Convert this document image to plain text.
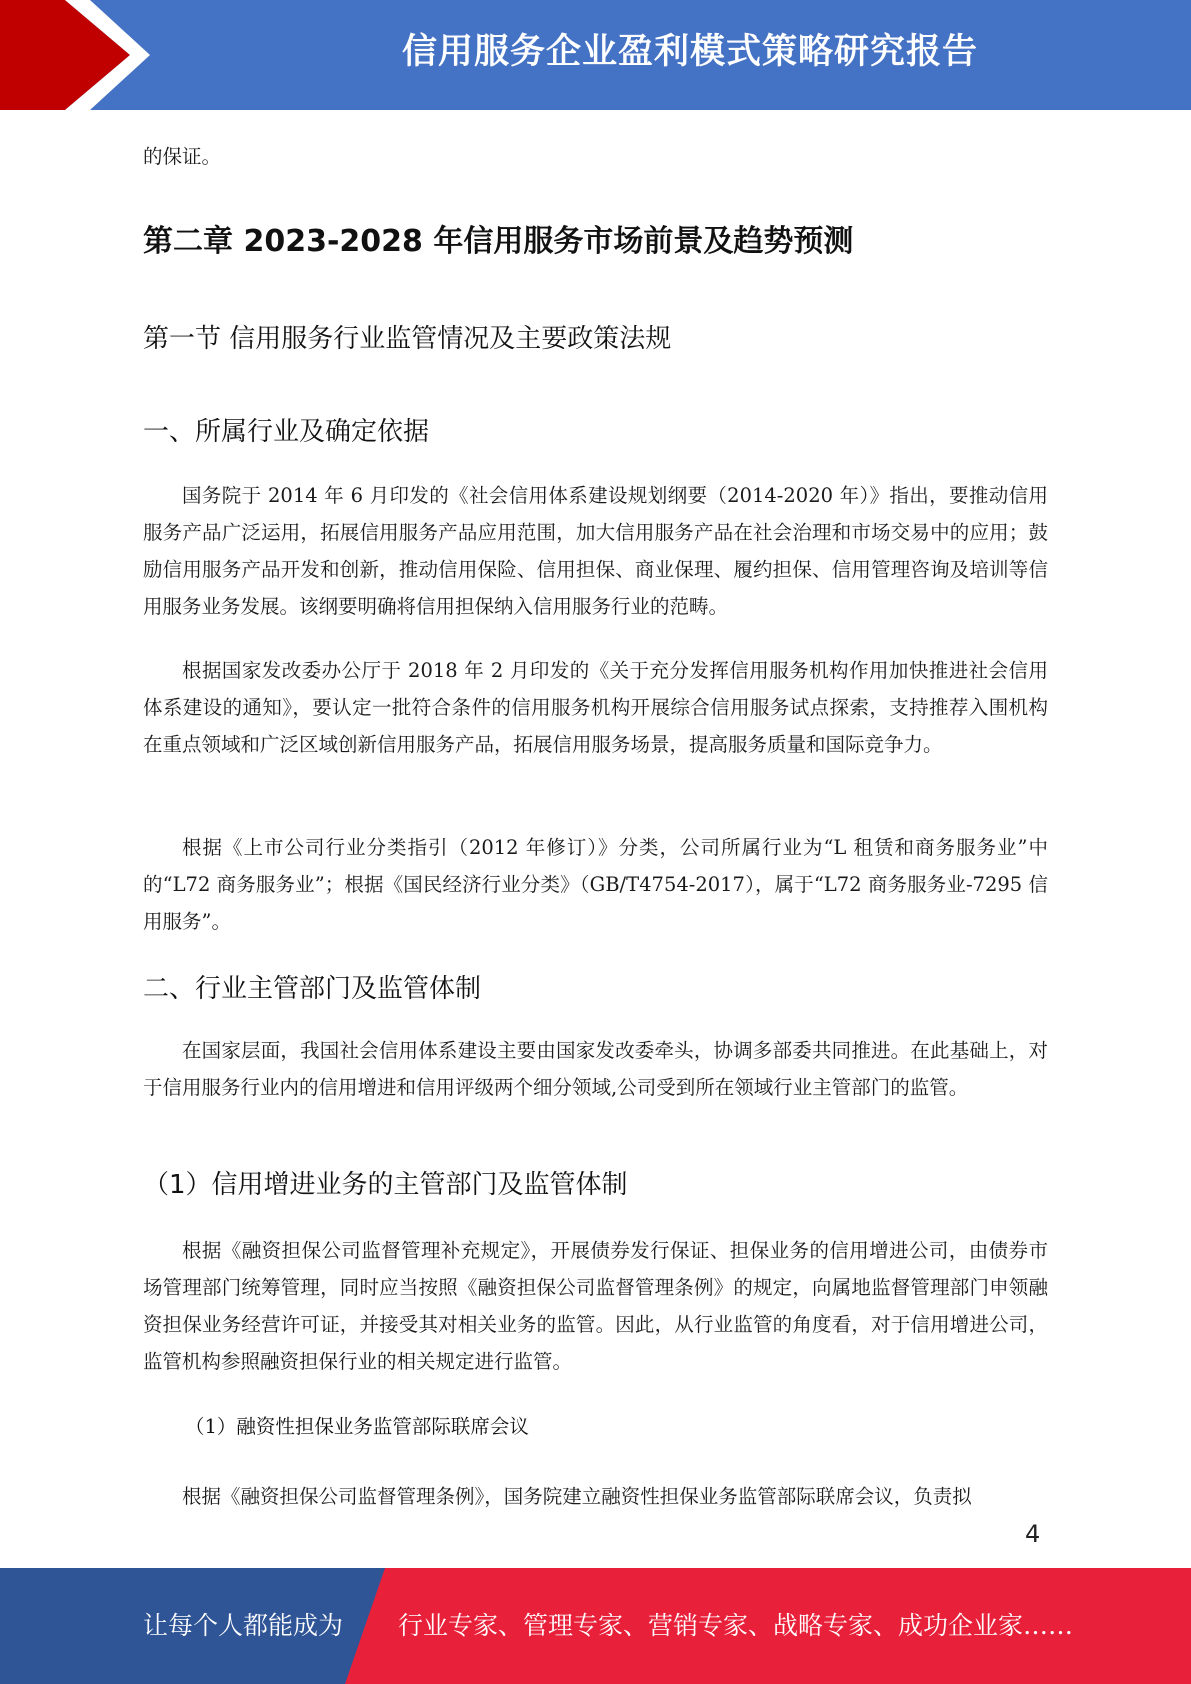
信用服务企业盈利模式策略研究报告

的保证。

第二章 2023-2028 年信用服务市场前景及趋势预测
第一节 信用服务行业监管情况及主要政策法规
一、所属行业及确定依据

国务院于 2014 年 6 月印发的《社会信用体系建设规划纲要（2014-2020 年）》指出，要推动信用服务产品广泛运用，拓展信用服务产品应用范围，加大信用服务产品在社会治理和市场交易中的应用；鼓励信用服务产品开发和创新，推动信用保险、信用担保、商业保理、履约担保、信用管理咨询及培训等信用服务业务发展。该纲要明确将信用担保纳入信用服务行业的范畴。

根据国家发改委办公厅于 2018 年 2 月印发的《关于充分发挥信用服务机构作用加快推进社会信用体系建设的通知》，要认定一批符合条件的信用服务机构开展综合信用服务试点探索，支持推荐入围机构在重点领域和广泛区域创新信用服务产品，拓展信用服务场景，提高服务质量和国际竞争力。

根据《上市公司行业分类指引（2012 年修订）》分类，公司所属行业为“L 租赁和商务服务业”中的“L72 商务服务业”；根据《国民经济行业分类》（GB/T4754-2017），属于“L72 商务服务业-7295 信用服务”。

二、行业主管部门及监管体制

在国家层面，我国社会信用体系建设主要由国家发改委牵头，协调多部委共同推进。在此基础上，对于信用服务行业内的信用增进和信用评级两个细分领域,公司受到所在领域行业主管部门的监管。

（1）信用增进业务的主管部门及监管体制

根据《融资担保公司监督管理补充规定》，开展债券发行保证、担保业务的信用增进公司，由债券市场管理部门统筹管理，同时应当按照《融资担保公司监督管理条例》的规定，向属地监督管理部门申领融资担保业务经营许可证，并接受其对相关业务的监管。因此，从行业监管的角度看，对于信用增进公司，监管机构参照融资担保行业的相关规定进行监管。

（1）融资性担保业务监管部际联席会议

根据《融资担保公司监督管理条例》，国务院建立融资性担保业务监管部际联席会议，负责拟

4
让每个人都能成为 行业专家、管理专家、营销专家、战略专家、成功企业家……
